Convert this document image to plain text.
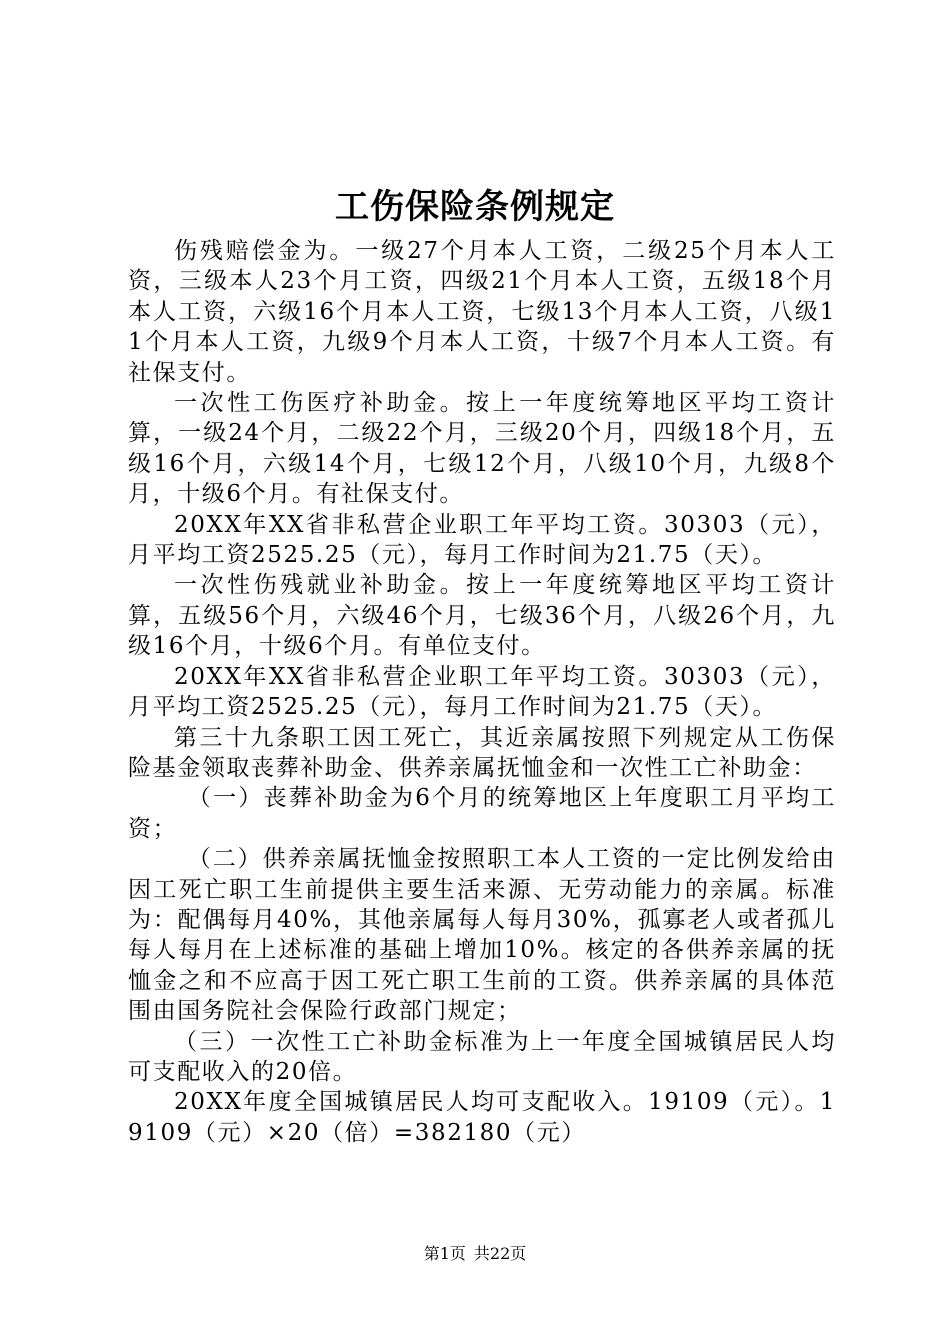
工伤保险条例规定

伤残赔偿金为。一级27个月本人工资，二级25个月本人工资，三级本人23个月工资，四级21个月本人工资，五级18个月本人工资，六级16个月本人工资，七级13个月本人工资，八级11个月本人工资，九级9个月本人工资，十级7个月本人工资。有社保支付。

一次性工伤医疗补助金。按上一年度统筹地区平均工资计算，一级24个月，二级22个月，三级20个月，四级18个月，五级16个月，六级14个月，七级12个月，八级10个月，九级8个月，十级6个月。有社保支付。

20XX年XX省非私营企业职工年平均工资。30303（元），月平均工资2525.25（元），每月工作时间为21.75（天）。

一次性伤残就业补助金。按上一年度统筹地区平均工资计算，五级56个月，六级46个月，七级36个月，八级26个月，九级16个月，十级6个月。有单位支付。

20XX年XX省非私营企业职工年平均工资。30303（元），月平均工资2525.25（元），每月工作时间为21.75（天）。

第三十九条职工因工死亡，其近亲属按照下列规定从工伤保险基金领取丧葬补助金、供养亲属抚恤金和一次性工亡补助金：

（一）丧葬补助金为6个月的统筹地区上年度职工月平均工资；

（二）供养亲属抚恤金按照职工本人工资的一定比例发给由因工死亡职工生前提供主要生活来源、无劳动能力的亲属。标准为：配偶每月40%，其他亲属每人每月30%，孤寡老人或者孤儿每人每月在上述标准的基础上增加10%。核定的各供养亲属的抚恤金之和不应高于因工死亡职工生前的工资。供养亲属的具体范围由国务院社会保险行政部门规定；

（三）一次性工亡补助金标准为上一年度全国城镇居民人均可支配收入的20倍。

20XX年度全国城镇居民人均可支配收入。19109（元）。19109（元）×20（倍）=382180（元）

第1页 共22页
